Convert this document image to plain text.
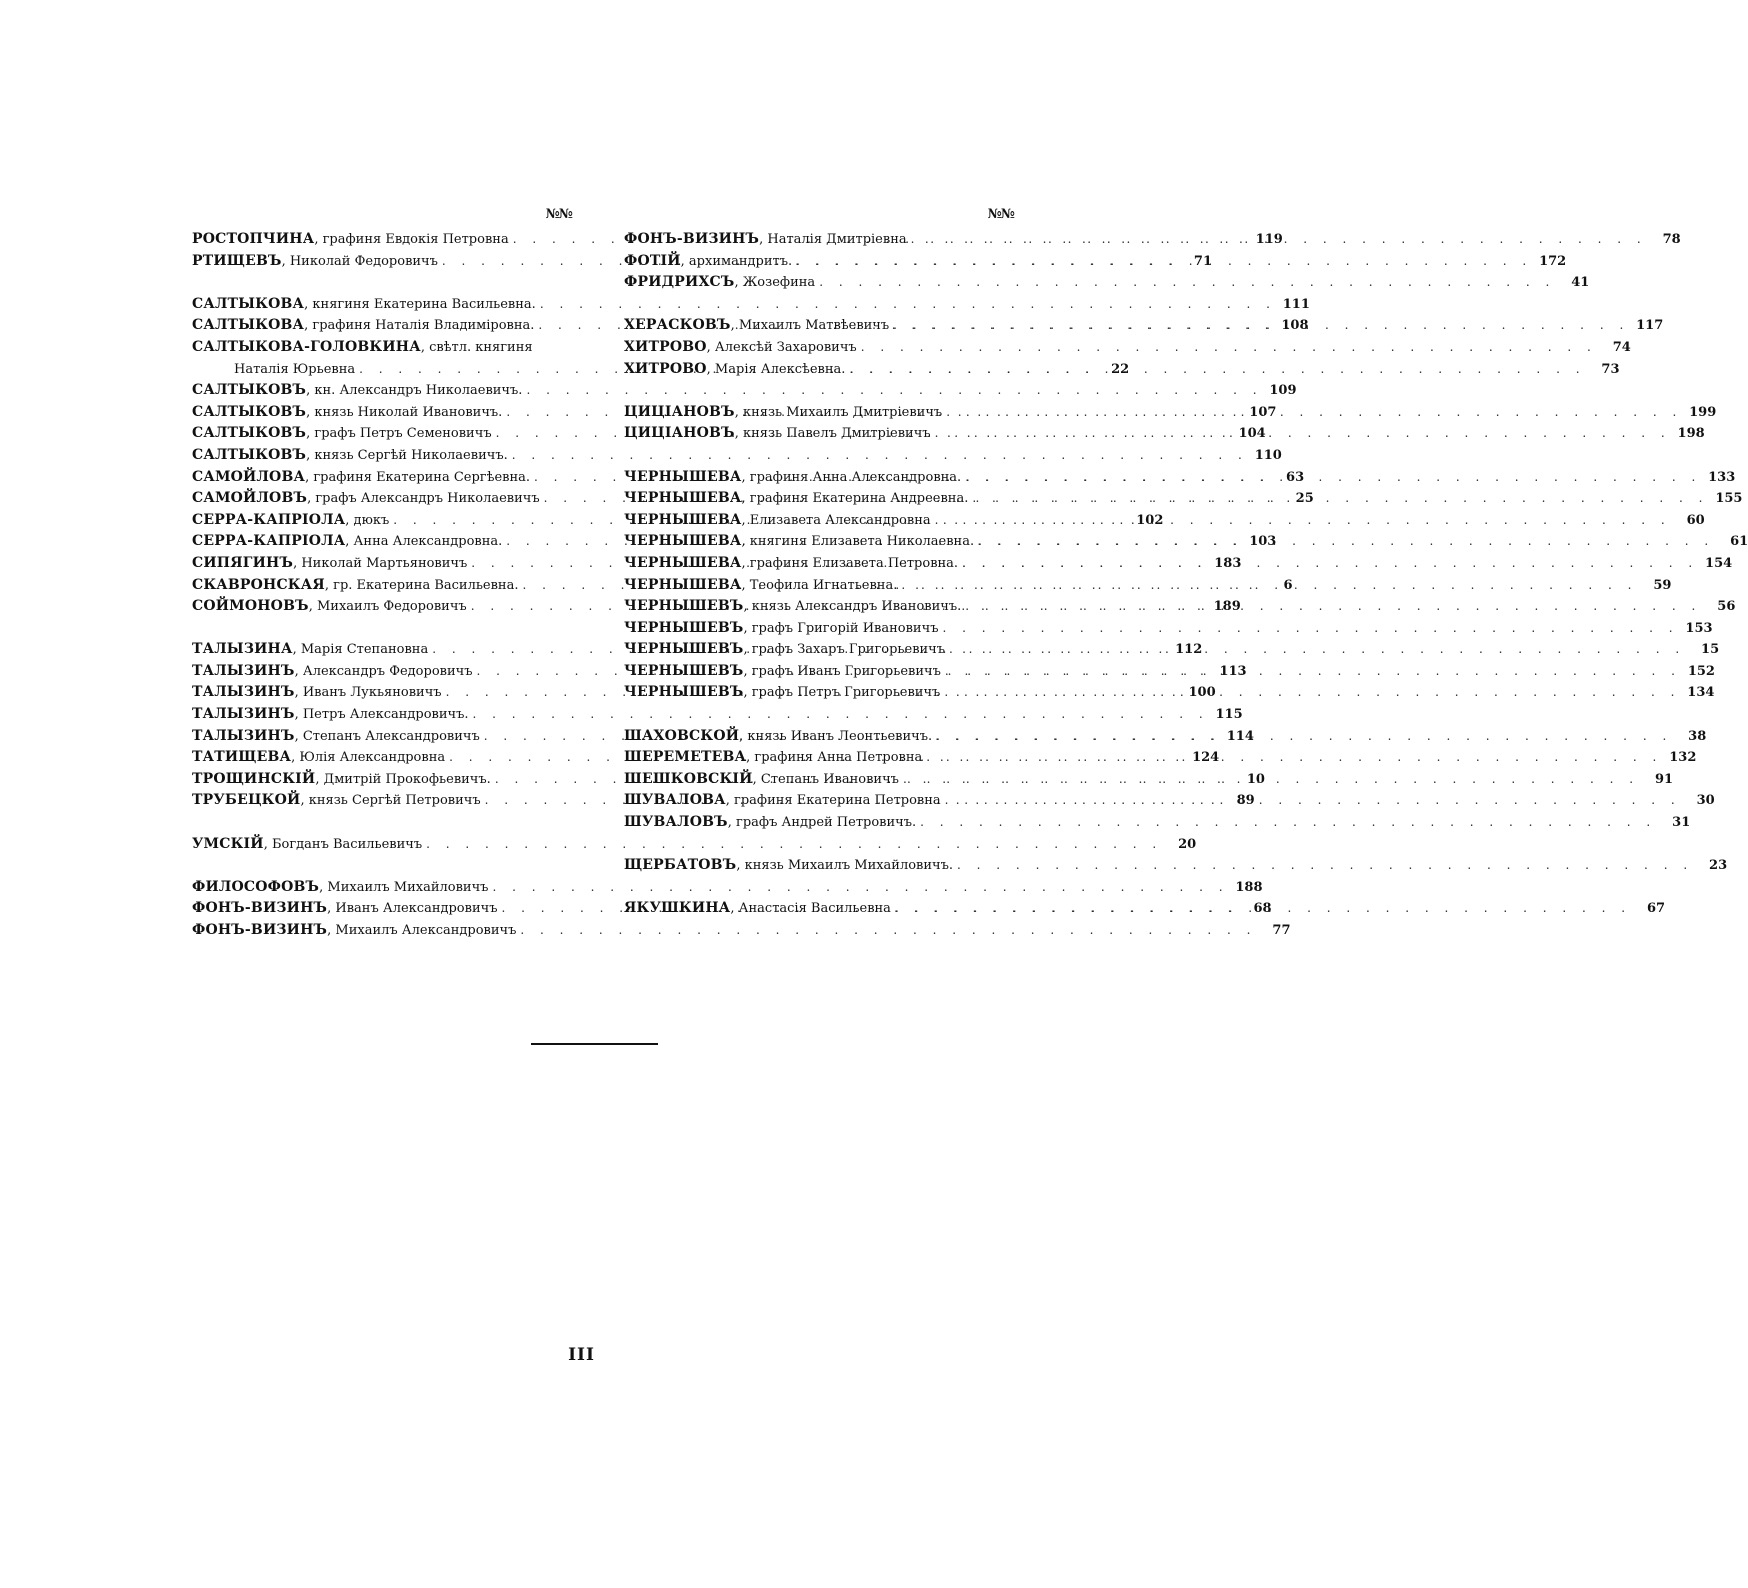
№№
РОСТОПЧИНА, графиня Евдокія Петровна . . .	119
РТИЩЕВЪ, Николай Федоровичъ . . .	71
САЛТЫКОВА, княгиня Екатерина Васильевна. . . .	111
САЛТЫКОВА, графиня Наталія Владиміровна. . . .	108
САЛТЫКОВА-ГОЛОВКИНА, свѣтл. княгиня
Наталія Юрьевна . . .	22
САЛТЫКОВЪ, кн. Александръ Николаевичъ. . . .	109
САЛТЫКОВЪ, князь Николай Ивановичъ. . . .	107
САЛТЫКОВЪ, графъ Петръ Семеновичъ . . .	104
САЛТЫКОВЪ, князь Сергѣй Николаевичъ. . . .	110
САМОЙЛОВА, графиня Екатерина Сергѣевна. . . .	63
САМОЙЛОВЪ, графъ Александръ Николаевичъ . . .	25
СЕРРА-КАПРІОЛА, дюкъ . . .	102
СЕРРА-КАПРІОЛА, Анна Александровна. . . .	103
СИПЯГИНЪ, Николай Мартьяновичъ . . .	183
СКАВРОНСКАЯ, гр. Екатерина Васильевна. . . .	6
СОЙМОНОВЪ, Михаилъ Федоровичъ . . .	189
ТАЛЫЗИНА, Марія Степановна . . .	112
ТАЛЫЗИНЪ, Александръ Федоровичъ . . .	113
ТАЛЫЗИНЪ, Иванъ Лукьяновичъ . . .	100
ТАЛЫЗИНЪ, Петръ Александровичъ. . . .	115
ТАЛЫЗИНЪ, Степанъ Александровичъ . . .	114
ТАТИЩЕВА, Юлія Александровна . . .	124
ТРОЩИНСКІЙ, Дмитрій Прокофьевичъ. . . .	10
ТРУБЕЦКОЙ, князь Сергѣй Петровичъ . . .	89
УМСКІЙ, Богданъ Васильевичъ . . .	20
ФИЛОСОФОВЪ, Михаилъ Михайловичъ . . .	188
ФОНЪ-ВИЗИНЪ, Иванъ Александровичъ . . .	68
ФОНЪ-ВИЗИНЪ, Михаилъ Александровичъ . . .	77
№№
ФОНЪ-ВИЗИНЪ, Наталія Дмитріевна . . .	78
ФОТІЙ, архимандритъ. . . .	172
ФРИДРИХСЪ, Жозефина . . .	41
ХЕРАСКОВЪ, Михаилъ Матвѣевичъ . . .	117
ХИТРОВО, Алексѣй Захаровичъ . . .	74
ХИТРОВО, Марія Алексѣевна. . . .	73
ЦИЦІАНОВЪ, князь Михаилъ Дмитріевичъ . . .	199
ЦИЦІАНОВЪ, князь Павелъ Дмитріевичъ . . .	198
ЧЕРНЫШЕВА, графиня Анна Александровна. . . .	133
ЧЕРНЫШЕВА, графиня Екатерина Андреевна. . . .	155
ЧЕРНЫШЕВА, Елизавета Александровна . . .	60
ЧЕРНЫШЕВА, княгиня Елизавета Николаевна. . . .	61
ЧЕРНЫШЕВА, графиня Елизавета Петровна. . . .	154
ЧЕРНЫШЕВА, Теофила Игнатьевна. . . .	59
ЧЕРНЫШЕВЪ, князь Александръ Ивановичъ. . . .	56
ЧЕРНЫШЕВЪ, графъ Григорій Ивановичъ . . .	153
ЧЕРНЫШЕВЪ, графъ Захаръ Григорьевичъ . . .	15
ЧЕРНЫШЕВЪ, графъ Иванъ Григорьевичъ . . .	152
ЧЕРНЫШЕВЪ, графъ Петръ Григорьевичъ . . .	134
ШАХОВСКОЙ, князь Иванъ Леонтьевичъ. . . .	38
ШЕРЕМЕТЕВА, графиня Анна Петровна . . .	132
ШЕШКОВСКІЙ, Степанъ Ивановичъ . . .	91
ШУВАЛОВА, графиня Екатерина Петровна . . .	30
ШУВАЛОВЪ, графъ Андрей Петровичъ. . . .	31
ЩЕРБАТОВЪ, князь Михаилъ Михайловичъ. . . .	23
ЯКУШКИНА, Анастасія Васильевна . . .	67
III
